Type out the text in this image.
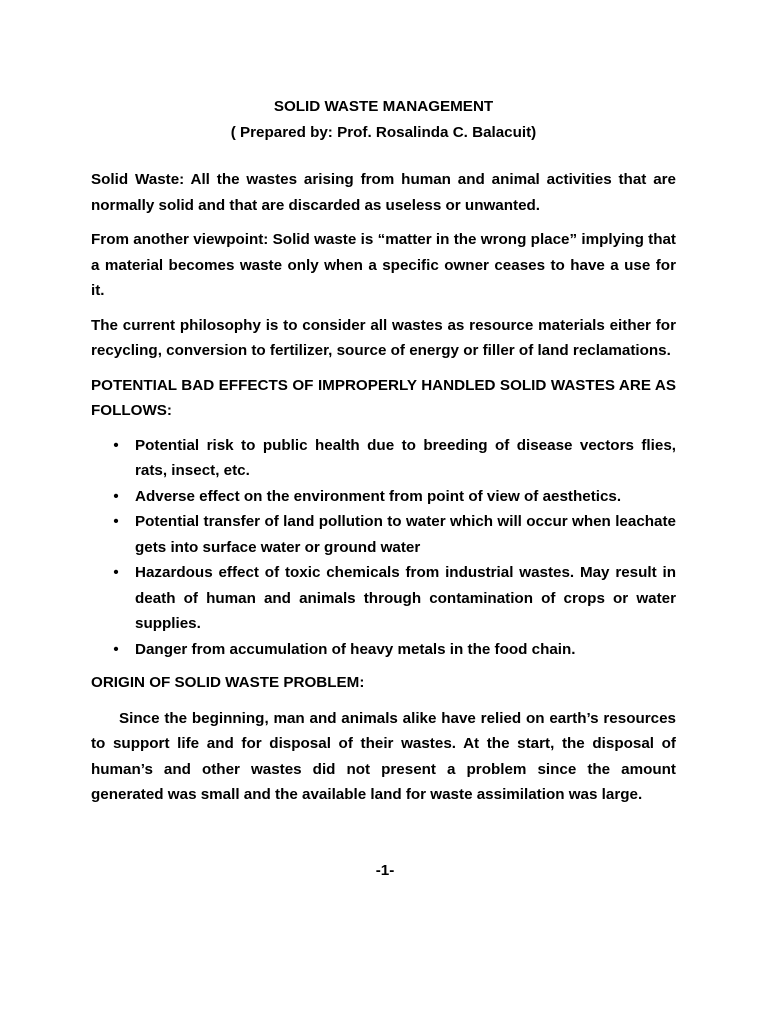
SOLID WASTE MANAGEMENT
( Prepared by: Prof. Rosalinda C. Balacuit)

Solid Waste: All the wastes arising from human and animal activities that are normally solid and that are discarded as useless or unwanted.

From another viewpoint: Solid waste is “matter in the wrong place” implying that a material becomes waste only when a specific owner ceases to have a use for it.

The current philosophy is to consider all wastes as resource materials either for recycling, conversion to fertilizer, source of energy or filler of land reclamations.

POTENTIAL BAD EFFECTS OF IMPROPERLY HANDLED SOLID WASTES ARE AS FOLLOWS:

• Potential risk to public health due to breeding of disease vectors flies, rats, insect, etc.
• Adverse effect on the environment from point of view of aesthetics.
• Potential transfer of land pollution to water which will occur when leachate gets into surface water or ground water
• Hazardous effect of toxic chemicals from industrial wastes. May result in death of human and animals through contamination of crops or water supplies.
• Danger from accumulation of heavy metals in the food chain.

ORIGIN OF SOLID WASTE PROBLEM:

Since the beginning, man and animals alike have relied on earth’s resources to support life and for disposal of their wastes. At the start, the disposal of human’s and other wastes did not present a problem since the amount generated was small and the available land for waste assimilation was large.

-1-
